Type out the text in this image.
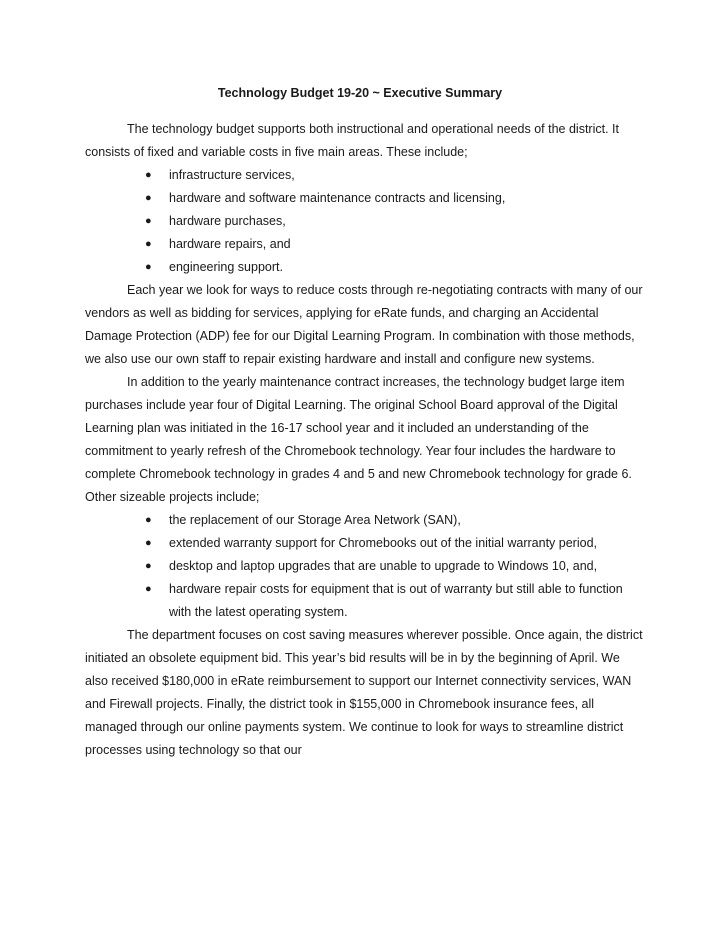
Technology Budget 19-20 ~ Executive Summary

The technology budget supports both instructional and operational needs of the district. It consists of fixed and variable costs in five main areas. These include;

● infrastructure services,
● hardware and software maintenance contracts and licensing,
● hardware purchases,
● hardware repairs, and
● engineering support.

Each year we look for ways to reduce costs through re-negotiating contracts with many of our vendors as well as bidding for services, applying for eRate funds, and charging an Accidental Damage Protection (ADP) fee for our Digital Learning Program. In combination with those methods, we also use our own staff to repair existing hardware and install and configure new systems.

In addition to the yearly maintenance contract increases, the technology budget large item purchases include year four of Digital Learning. The original School Board approval of the Digital Learning plan was initiated in the 16-17 school year and it included an understanding of the commitment to yearly refresh of the Chromebook technology. Year four includes the hardware to complete Chromebook technology in grades 4 and 5 and new Chromebook technology for grade 6. Other sizeable projects include;

● the replacement of our Storage Area Network (SAN),
● extended warranty support for Chromebooks out of the initial warranty period,
● desktop and laptop upgrades that are unable to upgrade to Windows 10, and,
● hardware repair costs for equipment that is out of warranty but still able to function with the latest operating system.

The department focuses on cost saving measures wherever possible. Once again, the district initiated an obsolete equipment bid. This year’s bid results will be in by the beginning of April. We also received $180,000 in eRate reimbursement to support our Internet connectivity services, WAN and Firewall projects. Finally, the district took in $155,000 in Chromebook insurance fees, all managed through our online payments system. We continue to look for ways to streamline district processes using technology so that our
